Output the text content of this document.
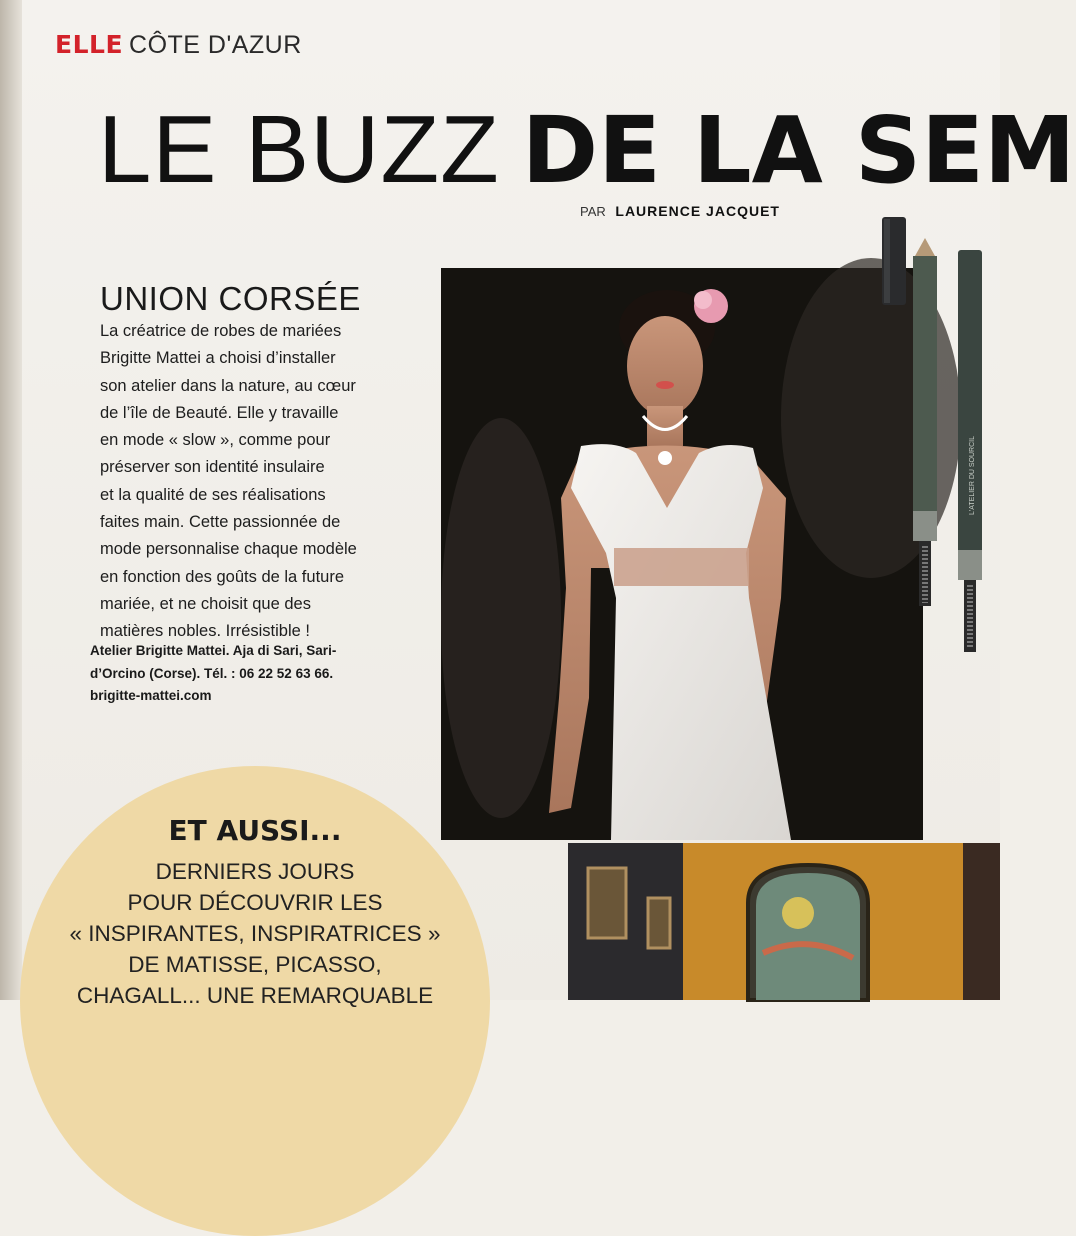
ELLE CÔTE D'AZUR
LE BUZZ DE LA SEM
PAR LAURENCE JACQUET
UNION CORSÉE

La créatrice de robes de mariées
Brigitte Mattei a choisi d’installer
son atelier dans la nature, au cœur
de l’île de Beauté. Elle y travaille
en mode « slow », comme pour
préserver son identité insulaire
et la qualité de ses réalisations
faites main. Cette passionnée de
mode personnalise chaque modèle
en fonction des goûts de la future
mariée, et ne choisit que des
matières nobles. Irrésistible !

Atelier Brigitte Mattei. Aja di Sari, Sari-
d’Orcino (Corse). Tél. : 06 22 52 63 66.
brigitte-mattei.com

L'ATELIER DU SOURCIL
ET AUSSI...

DERNIERS JOURS
POUR DÉCOUVRIR LES
« INSPIRANTES, INSPIRATRICES »
DE MATISSE, PICASSO,
CHAGALL... UNE REMARQUABLE
